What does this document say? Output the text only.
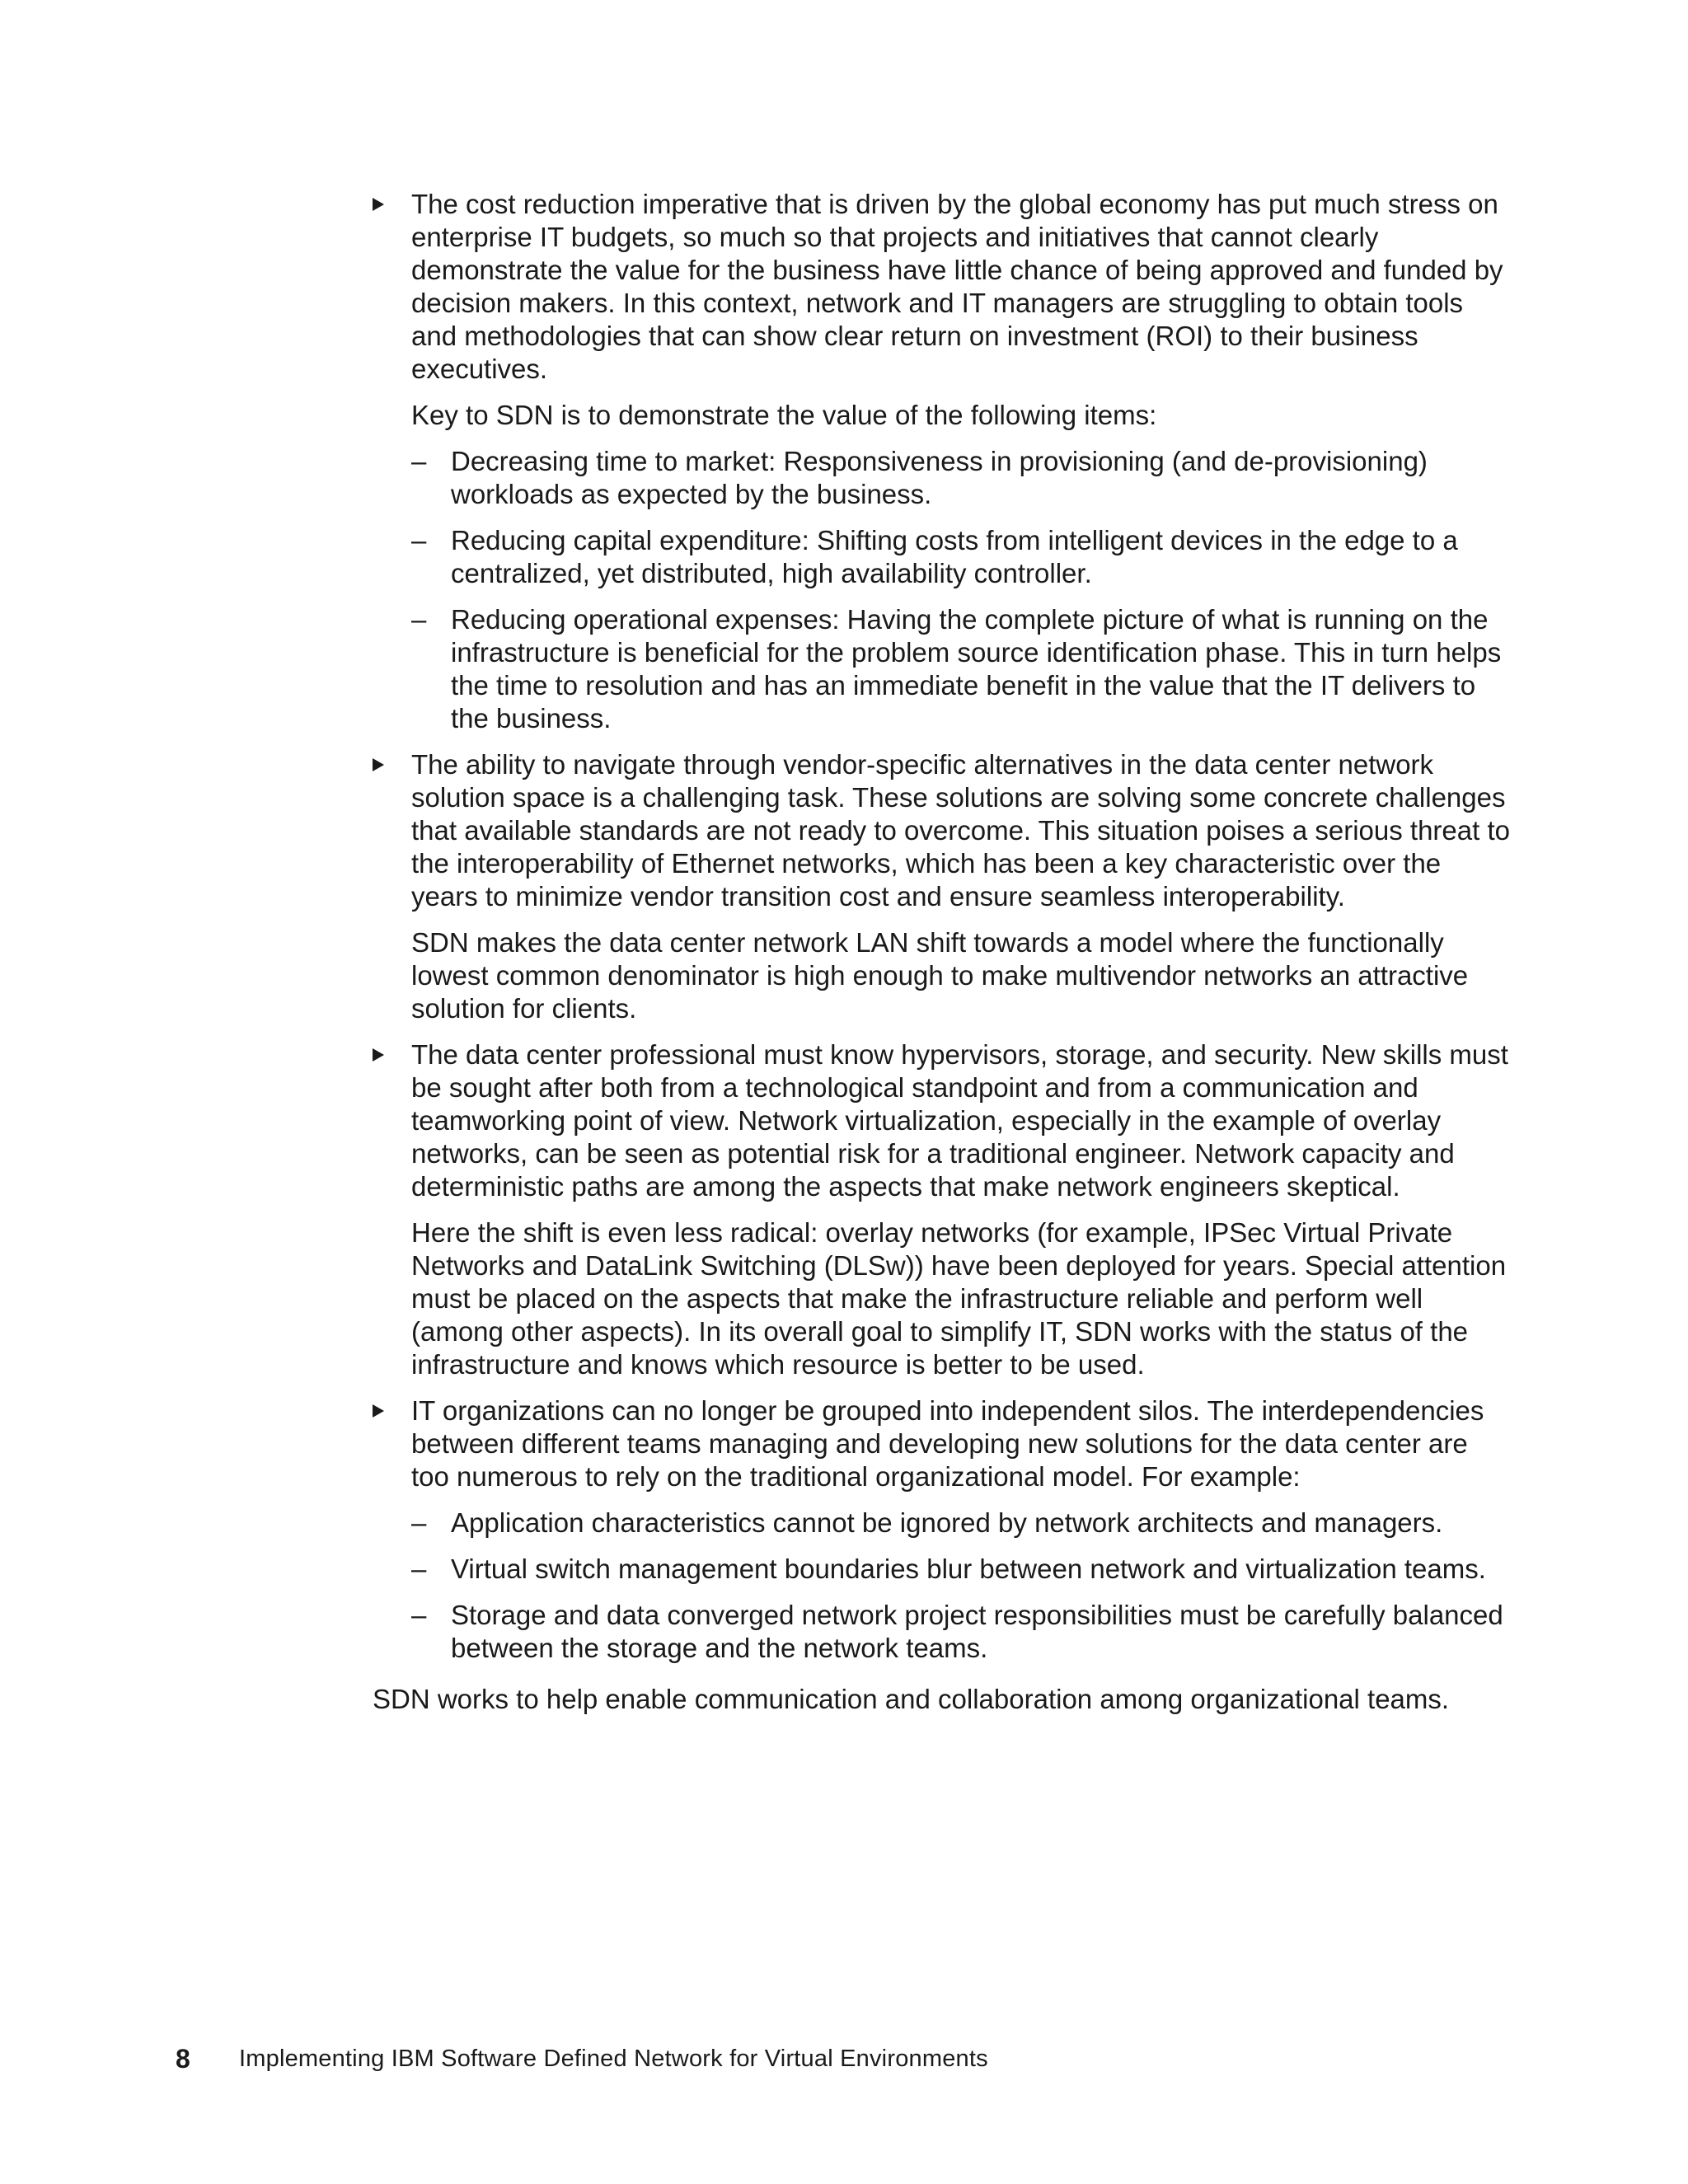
The cost reduction imperative that is driven by the global economy has put much stress on enterprise IT budgets, so much so that projects and initiatives that cannot clearly demonstrate the value for the business have little chance of being approved and funded by decision makers. In this context, network and IT managers are struggling to obtain tools and methodologies that can show clear return on investment (ROI) to their business executives.

Key to SDN is to demonstrate the value of the following items:

– Decreasing time to market: Responsiveness in provisioning (and de-provisioning) workloads as expected by the business.
– Reducing capital expenditure: Shifting costs from intelligent devices in the edge to a centralized, yet distributed, high availability controller.
– Reducing operational expenses: Having the complete picture of what is running on the infrastructure is beneficial for the problem source identification phase. This in turn helps the time to resolution and has an immediate benefit in the value that the IT delivers to the business.

The ability to navigate through vendor-specific alternatives in the data center network solution space is a challenging task. These solutions are solving some concrete challenges that available standards are not ready to overcome. This situation poises a serious threat to the interoperability of Ethernet networks, which has been a key characteristic over the years to minimize vendor transition cost and ensure seamless interoperability.

SDN makes the data center network LAN shift towards a model where the functionally lowest common denominator is high enough to make multivendor networks an attractive solution for clients.

The data center professional must know hypervisors, storage, and security. New skills must be sought after both from a technological standpoint and from a communication and teamworking point of view. Network virtualization, especially in the example of overlay networks, can be seen as potential risk for a traditional engineer. Network capacity and deterministic paths are among the aspects that make network engineers skeptical.

Here the shift is even less radical: overlay networks (for example, IPSec Virtual Private Networks and DataLink Switching (DLSw)) have been deployed for years. Special attention must be placed on the aspects that make the infrastructure reliable and perform well (among other aspects). In its overall goal to simplify IT, SDN works with the status of the infrastructure and knows which resource is better to be used.

IT organizations can no longer be grouped into independent silos. The interdependencies between different teams managing and developing new solutions for the data center are too numerous to rely on the traditional organizational model. For example:

– Application characteristics cannot be ignored by network architects and managers.
– Virtual switch management boundaries blur between network and virtualization teams.
– Storage and data converged network project responsibilities must be carefully balanced between the storage and the network teams.

SDN works to help enable communication and collaboration among organizational teams.

8	Implementing IBM Software Defined Network for Virtual Environments
